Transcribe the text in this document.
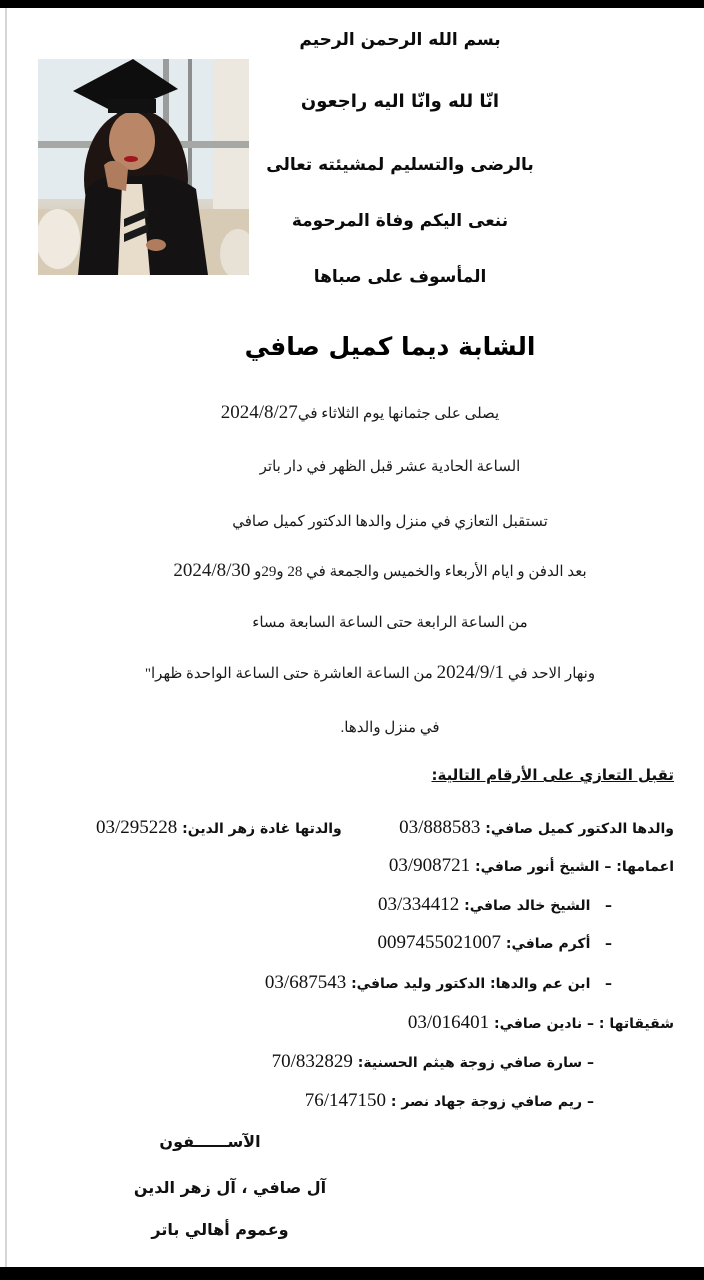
بسم الله الرحمن الرحيم
انّا لله وانّا اليه راجعون
بالرضى والتسليم لمشيئته تعالى
ننعى اليكم وفاة المرحومة
المأسوف على صباها
الشابة ديما كميل صافي
يصلى على جثمانها يوم الثلاثاء في2024/8/27
الساعة الحادية عشر قبل الظهر في دار باتر
تستقبل التعازي في منزل والدها الدكتور كميل صافي
بعد الدفن و ايام الأربعاء والخميس والجمعة في 28 و29و 2024/8/30
من الساعة الرابعة حتى الساعة السابعة مساء
ونهار الاحد في 2024/9/1 من الساعة العاشرة حتى الساعة الواحدة ظهرا"
في منزل والدها.
تقبل التعازي على الأرقام التالية:
والدها الدكتور كميل صافي: 03/888583
والدتها غادة زهر الدين: 03/295228
اعمامها: – الشيخ أنور صافي: 03/908721
–   الشيخ خالد صافي: 03/334412
–   أكرم صافي: 0097455021007
–   ابن عم والدها: الدكتور وليد صافي: 03/687543
شقيقاتها : – نادين صافي: 03/016401
– سارة صافي زوجة هيثم الحسنية: 70/832829
– ريم صافي زوجة جهاد نصر : 76/147150
الآســــــفون
آل صافي ، آل زهر الدين
وعموم أهالي باتر
